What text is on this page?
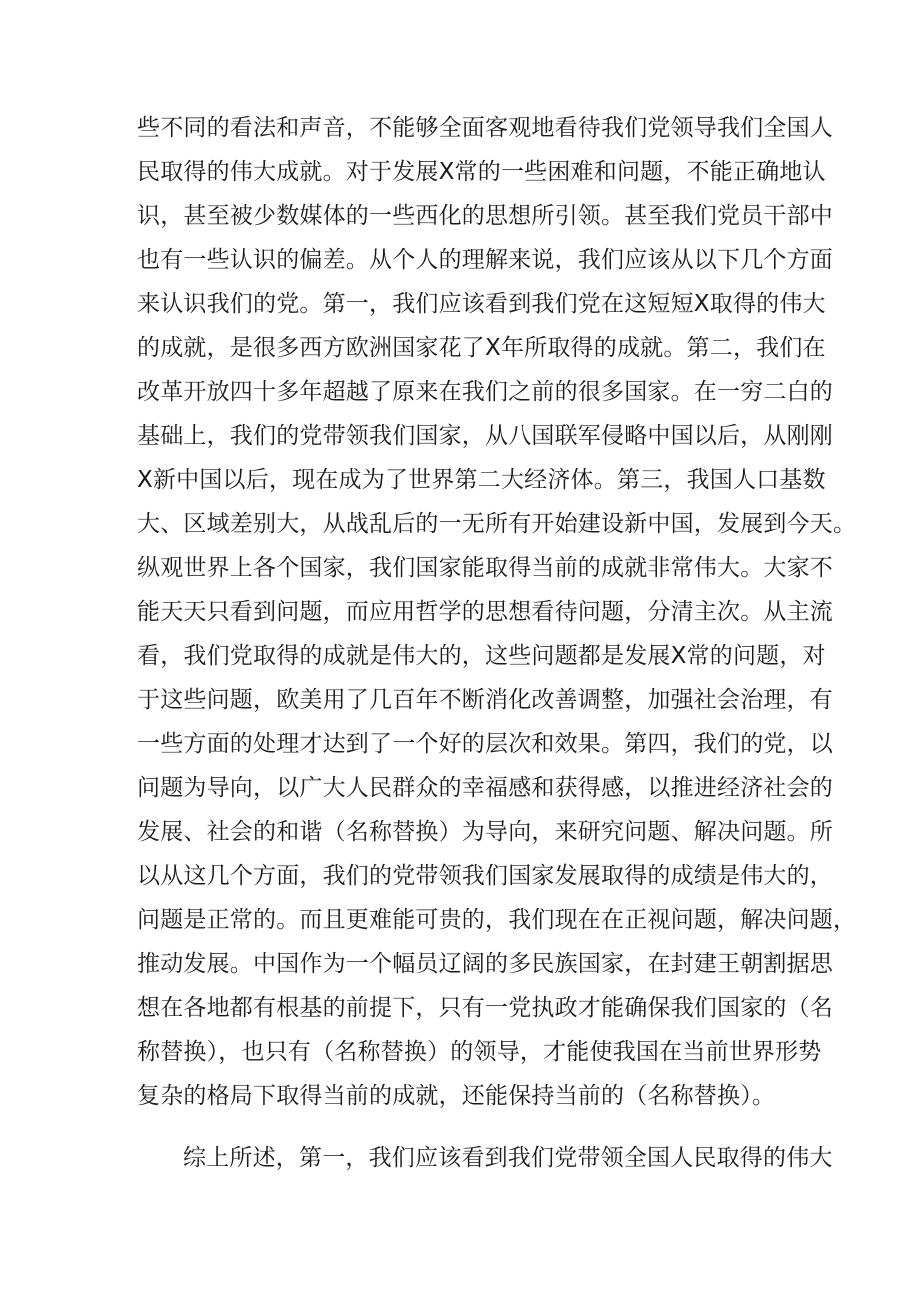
些不同的看法和声音，不能够全面客观地看待我们党领导我们全国人
民取得的伟大成就。对于发展X常的一些困难和问题，不能正确地认
识，甚至被少数媒体的一些西化的思想所引领。甚至我们党员干部中
也有一些认识的偏差。从个人的理解来说，我们应该从以下几个方面
来认识我们的党。第一，我们应该看到我们党在这短短X取得的伟大
的成就，是很多西方欧洲国家花了X年所取得的成就。第二，我们在
改革开放四十多年超越了原来在我们之前的很多国家。在一穷二白的
基础上，我们的党带领我们国家，从八国联军侵略中国以后，从刚刚
X新中国以后，现在成为了世界第二大经济体。第三，我国人口基数
大、区域差别大，从战乱后的一无所有开始建设新中国，发展到今天。
纵观世界上各个国家，我们国家能取得当前的成就非常伟大。大家不
能天天只看到问题，而应用哲学的思想看待问题，分清主次。从主流
看，我们党取得的成就是伟大的，这些问题都是发展X常的问题，对
于这些问题，欧美用了几百年不断消化改善调整，加强社会治理，有
一些方面的处理才达到了一个好的层次和效果。第四，我们的党，以
问题为导向，以广大人民群众的幸福感和获得感，以推进经济社会的
发展、社会的和谐（名称替换）为导向，来研究问题、解决问题。所
以从这几个方面，我们的党带领我们国家发展取得的成绩是伟大的，
问题是正常的。而且更难能可贵的，我们现在在正视问题，解决问题，
推动发展。中国作为一个幅员辽阔的多民族国家，在封建王朝割据思
想在各地都有根基的前提下，只有一党执政才能确保我们国家的（名
称替换），也只有（名称替换）的领导，才能使我国在当前世界形势
复杂的格局下取得当前的成就，还能保持当前的（名称替换）。
综上所述，第一，我们应该看到我们党带领全国人民取得的伟大
